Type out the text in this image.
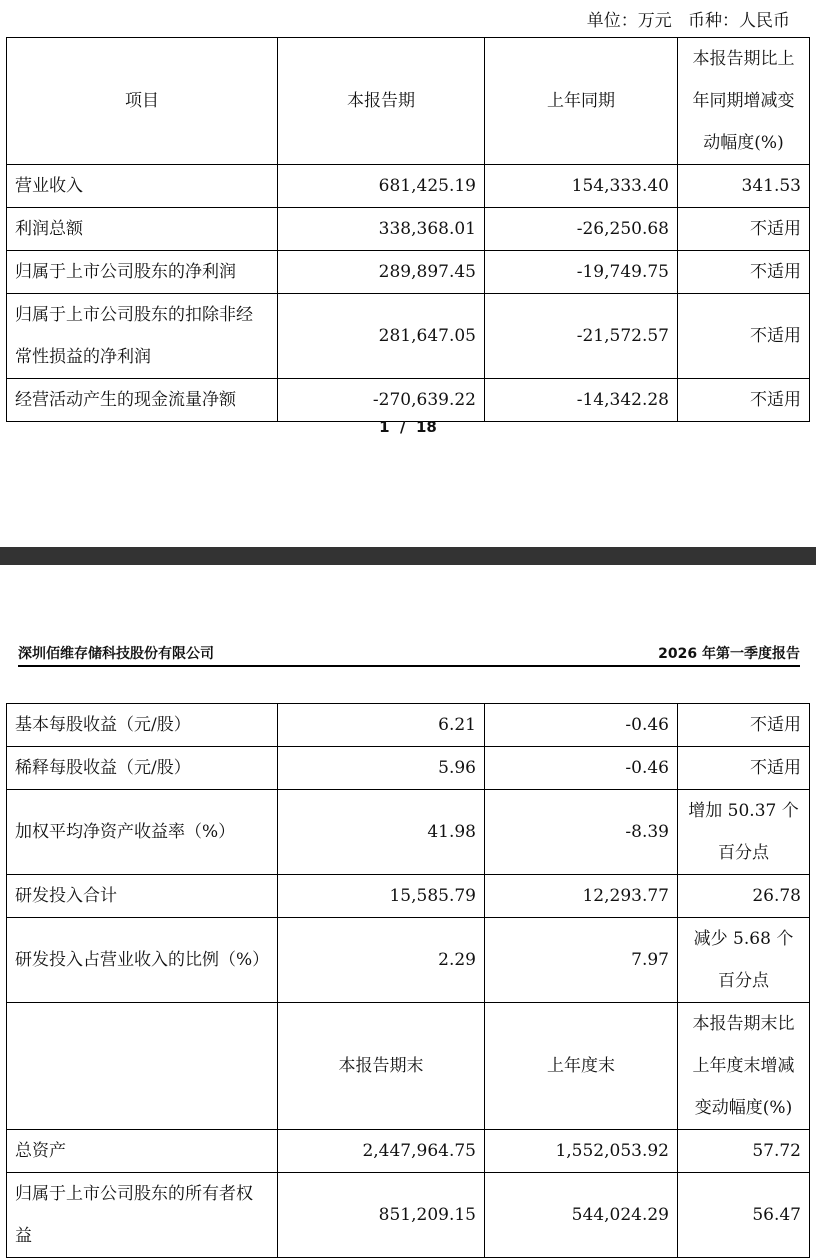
单位：万元   币种：人民币
项目	本报告期	上年同期	本报告期比上年同期增减变动幅度(%)
营业收入	681,425.19	154,333.40	341.53
利润总额	338,368.01	-26,250.68	不适用
归属于上市公司股东的净利润	289,897.45	-19,749.75	不适用
归属于上市公司股东的扣除非经常性损益的净利润	281,647.05	-21,572.57	不适用
经营活动产生的现金流量净额	-270,639.22	-14,342.28	不适用
1  /  18
深圳佰维存储科技股份有限公司	2026 年第一季度报告
基本每股收益（元/股）	6.21	-0.46	不适用
稀释每股收益（元/股）	5.96	-0.46	不适用
加权平均净资产收益率（%）	41.98	-8.39	增加 50.37 个百分点
研发投入合计	15,585.79	12,293.77	26.78
研发投入占营业收入的比例（%）	2.29	7.97	减少 5.68 个百分点
	本报告期末	上年度末	本报告期末比上年度末增减变动幅度(%)
总资产	2,447,964.75	1,552,053.92	57.72
归属于上市公司股东的所有者权益	851,209.15	544,024.29	56.47
